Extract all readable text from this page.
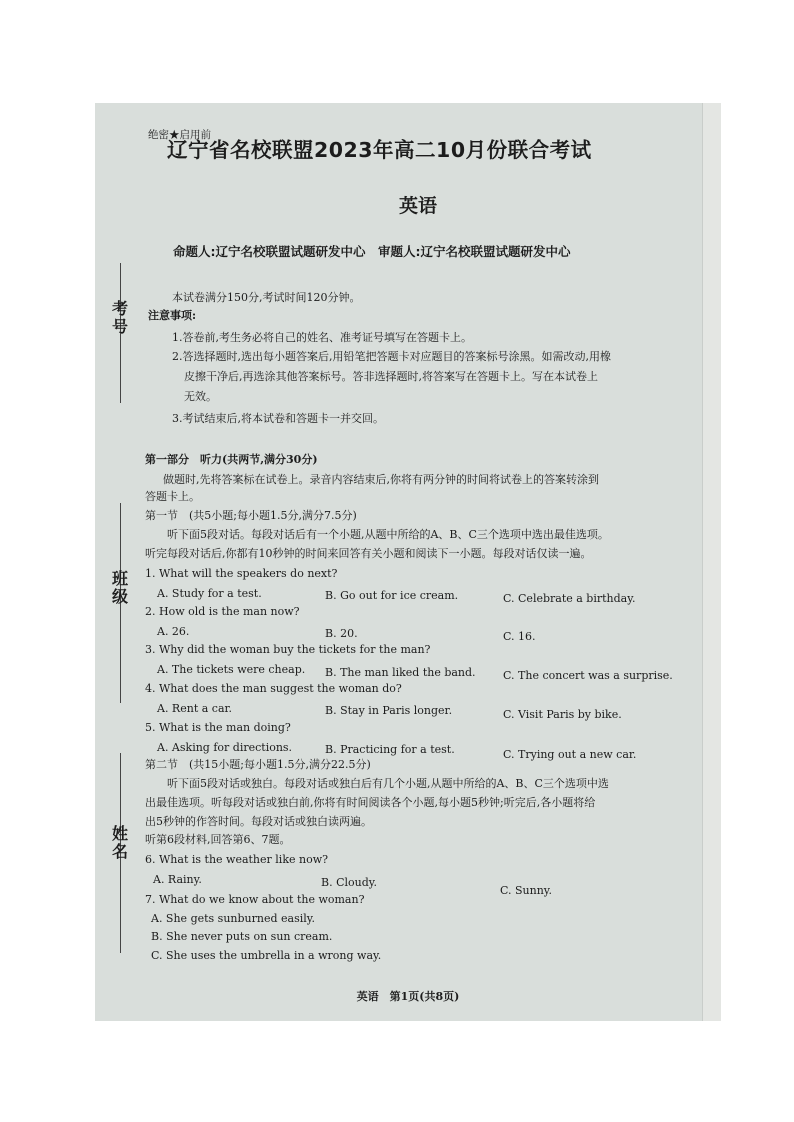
绝密★启用前
辽宁省名校联盟2023年高二10月份联合考试
英语
命题人:辽宁名校联盟试题研发中心　审题人:辽宁名校联盟试题研发中心
考
号
班
级
姓
名
本试卷满分150分,考试时间120分钟。
注意事项:
1.答卷前,考生务必将自己的姓名、准考证号填写在答题卡上。
2.答选择题时,选出每小题答案后,用铅笔把答题卡对应题目的答案标号涂黑。如需改动,用橡
皮擦干净后,再选涂其他答案标号。答非选择题时,将答案写在答题卡上。写在本试卷上
无效。
3.考试结束后,将本试卷和答题卡一并交回。
第一部分　听力(共两节,满分30分)
做题时,先将答案标在试卷上。录音内容结束后,你将有两分钟的时间将试卷上的答案转涂到
答题卡上。
第一节　(共5小题;每小题1.5分,满分7.5分)
听下面5段对话。每段对话后有一个小题,从题中所给的A、B、C三个选项中选出最佳选项。
听完每段对话后,你都有10秒钟的时间来回答有关小题和阅读下一小题。每段对话仅读一遍。
1. What will the speakers do next?
A. Study for a test.	B. Go out for ice cream.	C. Celebrate a birthday.
2. How old is the man now?
A. 26.	B. 20.	C. 16.
3. Why did the woman buy the tickets for the man?
A. The tickets were cheap. B. The man liked the band. C. The concert was a surprise.
4. What does the man suggest the woman do?
A. Rent a car.	B. Stay in Paris longer.	C. Visit Paris by bike.
5. What is the man doing?
A. Asking for directions.	B. Practicing for a test.	C. Trying out a new car.
第二节　(共15小题;每小题1.5分,满分22.5分)
听下面5段对话或独白。每段对话或独白后有几个小题,从题中所给的A、B、C三个选项中选
出最佳选项。听每段对话或独白前,你将有时间阅读各个小题,每小题5秒钟;听完后,各小题将给
出5秒钟的作答时间。每段对话或独白读两遍。
听第6段材料,回答第6、7题。
6. What is the weather like now?
A. Rainy.	B. Cloudy.
C. Sunny.
7. What do we know about the woman?
A. She gets sunburned easily.
B. She never puts on sun cream.
C. She uses the umbrella in a wrong way.
英语　第1页(共8页)
